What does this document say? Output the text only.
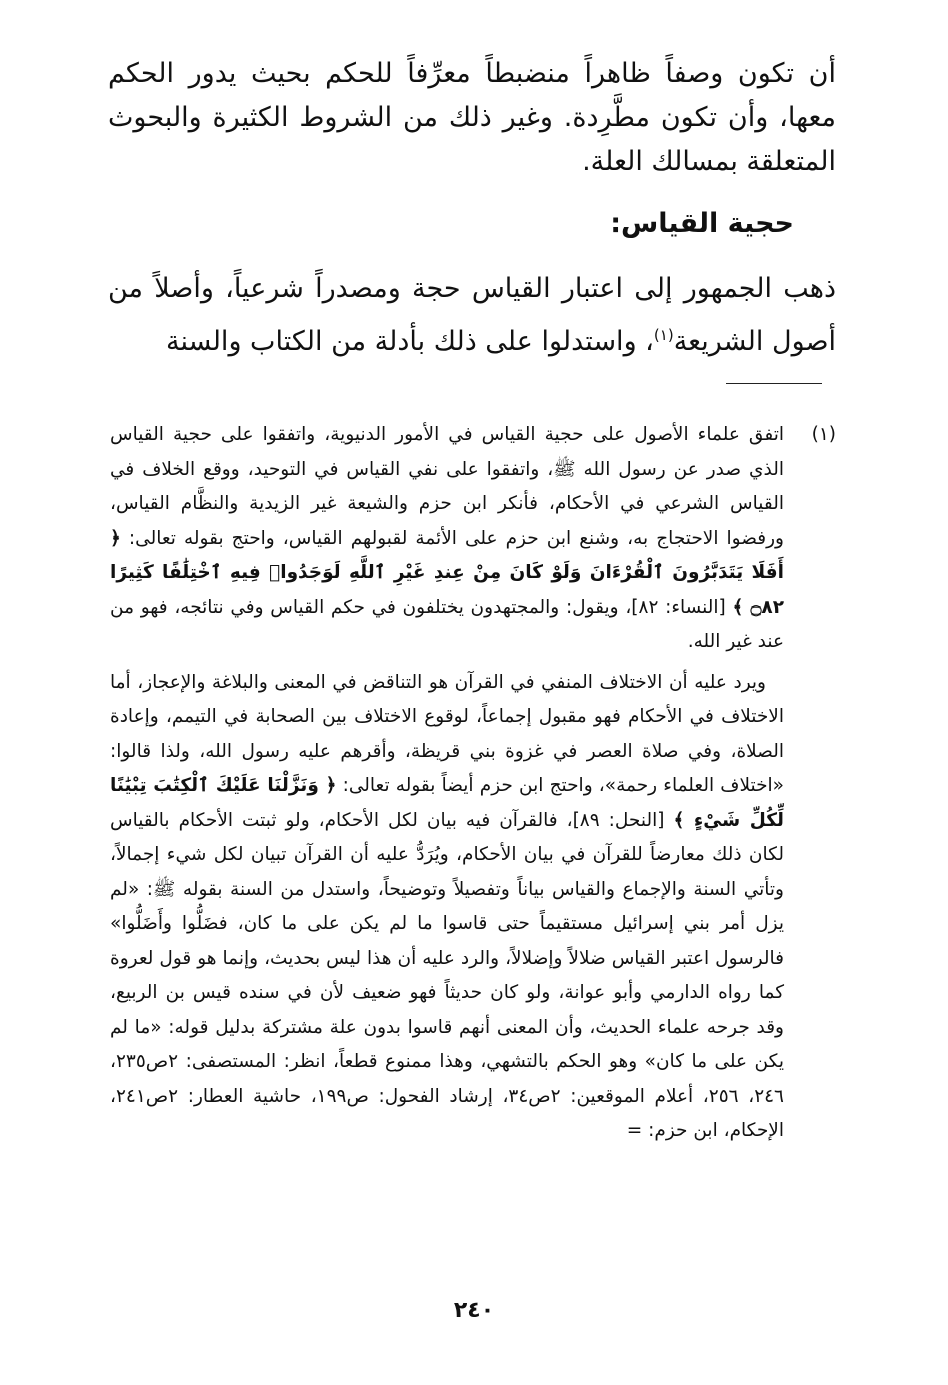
أن تكون وصفاً ظاهراً منضبطاً معرِّفاً للحكم بحيث يدور الحكم معها، وأن تكون مطَّرِدة. وغير ذلك من الشروط الكثيرة والبحوث المتعلقة بمسالك العلة.

حجية القياس:

ذهب الجمهور إلى اعتبار القياس حجة ومصدراً شرعياً، وأصلاً من أصول الشريعة$^{(١)}$، واستدلوا على ذلك بأدلة من الكتاب والسنة

(١)

اتفق علماء الأصول على حجية القياس في الأمور الدنيوية، واتفقوا على حجية القياس الذي صدر عن رسول الله ﷺ، واتفقوا على نفي القياس في التوحيد، ووقع الخلاف في القياس الشرعي في الأحكام، فأنكر ابن حزم والشيعة غير الزيدية والنظَّام القياس، ورفضوا الاحتجاج به، وشنع ابن حزم على الأئمة لقبولهم القياس، واحتج بقوله تعالى: ﴿ أَفَلَا يَتَدَبَّرُونَ ٱلْقُرْءَانَ وَلَوْ كَانَ مِنْ عِندِ غَيْرِ ٱللَّهِ لَوَجَدُوا۟ فِيهِ ٱخْتِلَٰفًا كَثِيرًا ۝٨٢ ﴾ [النساء: ٨٢]، ويقول: والمجتهدون يختلفون في حكم القياس وفي نتائجه، فهو من عند غير الله.

ويرد عليه أن الاختلاف المنفي في القرآن هو التناقض في المعنى والبلاغة والإعجاز، أما الاختلاف في الأحكام فهو مقبول إجماعاً، لوقوع الاختلاف بين الصحابة في التيمم، وإعادة الصلاة، وفي صلاة العصر في غزوة بني قريظة، وأقرهم عليه رسول الله، ولذا قالوا: «اختلاف العلماء رحمة»، واحتج ابن حزم أيضاً بقوله تعالى: ﴿ وَنَزَّلْنَا عَلَيْكَ ٱلْكِتَٰبَ تِبْيَٰنًا لِّكُلِّ شَيْءٍ ﴾ [النحل: ٨٩]، فالقرآن فيه بيان لكل الأحكام، ولو ثبتت الأحكام بالقياس لكان ذلك معارضاً للقرآن في بيان الأحكام، ويُرَدُّ عليه أن القرآن تبيان لكل شيء إجمالاً، وتأتي السنة والإجماع والقياس بياناً وتفصيلاً وتوضيحاً، واستدل من السنة بقوله ﷺ: «لم يزل أمر بني إسرائيل مستقيماً حتى قاسوا ما لم يكن على ما كان، فضَلُّوا وأَضَلُّوا» فالرسول اعتبر القياس ضلالاً وإضلالاً، والرد عليه أن هذا ليس بحديث، وإنما هو قول لعروة كما رواه الدارمي وأبو عوانة، ولو كان حديثاً فهو ضعيف لأن في سنده قيس بن الربيع، وقد جرحه علماء الحديث، وأن المعنى أنهم قاسوا بدون علة مشتركة بدليل قوله: «ما لم يكن على ما كان» وهو الحكم بالتشهي، وهذا ممنوع قطعاً، انظر: المستصفى: ٢ص٢٣٥، ٢٤٦، ٢٥٦، أعلام الموقعين: ٢ص٣٤، إرشاد الفحول: ص١٩٩، حاشية العطار: ٢ص٢٤١، الإحكام، ابن حزم: =

٢٤٠
